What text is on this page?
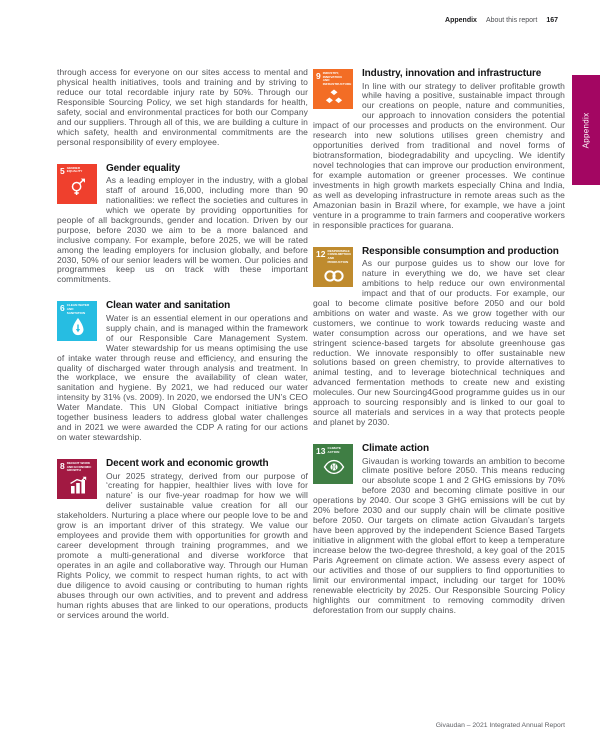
Appendix About this report 167
Appendix

through access for everyone on our sites access to mental and physical health initiatives, tools and training and by striving to reduce our total recordable injury rate by 50%. Through our Responsible Sourcing Policy, we set high standards for health, safety, social and environmental practices for both our Company and our suppliers. Through all of this, we are building a culture in which safety, health and environmental commitments are the personal responsibility of every employee.

5 GENDER EQUALITY	Gender equality

As a leading employer in the industry, with a global staff of around 16,000, including more than 90 nationalities: we reflect the societies and cultures in which we operate by providing opportunities for people of all backgrounds, gender and location. Driven by our purpose, before 2030 we aim to be a more balanced and inclusive company. For example, before 2025, we will be rated among the leading employers for inclusion globally, and before 2030, 50% of our senior leaders will be women. Our policies and programmes keep us on track with these important commitments.

6 CLEAN WATER AND SANITATION
Clean water and sanitation

Water is an essential element in our operations and supply chain, and is managed within the framework of our Responsible Care Management System. Water stewardship for us means optimising the use of intake water through reuse and efficiency, and ensuring the quality of discharged water through analysis and treatment. In the workplace, we ensure the availability of clean water, sanitation and hygiene. By 2021, we had reduced our water intensity by 31% (vs. 2009). In 2020, we endorsed the UN’s CEO Water Mandate. This UN Global Compact initiative brings together business leaders to address global water challenges and in 2021 we were awarded the CDP A rating for our actions on water stewardship.

8 DECENT WORK AND ECONOMIC GROWTH
Decent work and economic growth

Our 2025 strategy, derived from our purpose of ‘creating for happier, healthier lives with love for nature’ is our five-year roadmap for how we will deliver sustainable value creation for all our stakeholders. Nurturing a place where our people love to be and grow is an important driver of this strategy. We value our employees and provide them with opportunities for growth and career development through training programmes, and we promote a multi-generational and diverse workforce that operates in an agile and collaborative way. Through our Human Rights Policy, we commit to respect human rights, to act with due diligence to avoid causing or contributing to human rights abuses through our own activities, and to prevent and address human rights abuses that are linked to our operations, products or services around the world.

9 INDUSTRY, INNOVATION AND INFRASTRUCTURE
Industry, innovation and infrastructure

In line with our strategy to deliver profitable growth while having a positive, sustainable impact through our creations on people, nature and communities, our approach to innovation considers the potential impact of our processes and products on the environment. Our research into new solutions utilises green chemistry and opportunities derived from traditional and novel forms of biotransformation, biodegradability and upcycling. We identify novel technologies that can improve our production environment, for example automation or greener processes. We continue investments in high growth markets especially China and India, as well as developing infrastructure in remote areas such as the Amazonian basin in Brazil where, for example, we have a joint venture in a programme to train farmers and cooperative workers in responsible practices for guarana.

12 RESPONSIBLE CONSUMPTION AND PRODUCTION
Responsible consumption and production

As our purpose guides us to show our love for nature in everything we do, we have set clear ambitions to help reduce our own environmental impact and that of our products. For example, our goal to become climate positive before 2050 and our bold ambitions on water and waste. As we grow together with our customers, we continue to work towards reducing waste and water consumption across our operations, and we have set stringent science-based targets for absolute greenhouse gas reduction. We innovate responsibly to offer sustainable new solutions based on green chemistry, to provide alternatives to animal testing, and to leverage biotechnical techniques and advanced fermentation methods to create new and existing molecules. Our new Sourcing4Good programme guides us in our approach to sourcing responsibly and is linked to our goal to source all materials and services in a way that protects people and planet by 2030.

13 CLIMATE ACTION	Climate action

Givaudan is working towards an ambition to become climate positive before 2050. This means reducing our absolute scope 1 and 2 GHG emissions by 70% before 2030 and becoming climate positive in our operations by 2040. Our scope 3 GHG emissions will be cut by 20% before 2030 and our supply chain will be climate positive before 2050. Our targets on climate action Givaudan’s targets have been approved by the independent Science Based Targets initiative in alignment with the global effort to keep a temperature increase below the two-degree threshold, a key goal of the 2015 Paris Agreement on climate action. We assess every aspect of our activities and those of our suppliers to find opportunities to limit our environmental impact, including our target for 100% renewable electricity by 2025. Our Responsible Sourcing Policy highlights our commitment to removing commodity driven deforestation from our supply chains.

Givaudan – 2021 Integrated Annual Report
